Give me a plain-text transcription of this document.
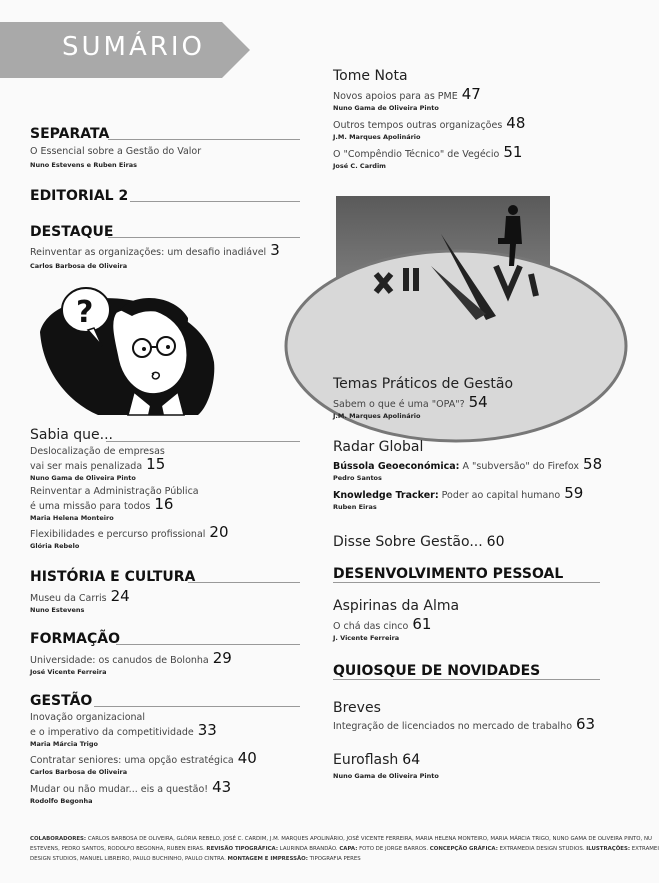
SUMÁRIO
SEPARATA
O Essencial sobre a Gestão do Valor
Nuno Estevens e Ruben Eiras
EDITORIAL 2
DESTAQUE
Reinventar as organizações: um desafio inadiável 3
Carlos Barbosa de Oliveira
?
Sabia que...
Deslocalização de empresas
vai ser mais penalizada 15
Nuno Gama de Oliveira Pinto
Reinventar a Administração Pública
é uma missão para todos 16
Maria Helena Monteiro
Flexibilidades e percurso profissional 20
Glória Rebelo
HISTÓRIA E CULTURA
Museu da Carris 24
Nuno Estevens
FORMAÇÃO
Universidade: os canudos de Bolonha 29
José Vicente Ferreira
GESTÃO
Inovação organizacional
e o imperativo da competitividade 33
Maria Márcia Trigo
Contratar seniores: uma opção estratégica 40
Carlos Barbosa de Oliveira
Mudar ou não mudar... eis a questão! 43
Rodolfo Begonha
Tome Nota
Novos apoios para as PME 47
Nuno Gama de Oliveira Pinto
Outros tempos outras organizações 48
J.M. Marques Apolinário
O "Compêndio Técnico" de Vegécio 51
José C. Cardim
Temas Práticos de Gestão
Sabem o que é uma "OPA"? 54
J.M. Marques Apolinário
Radar Global
Bússola Geoeconómica: A "subversão" do Firefox 58
Pedro Santos
Knowledge Tracker: Poder ao capital humano 59
Ruben Eiras
Disse Sobre Gestão... 60
DESENVOLVIMENTO PESSOAL
Aspirinas da Alma
O chá das cinco 61
J. Vicente Ferreira
QUIOSQUE DE NOVIDADES
Breves
Integração de licenciados no mercado de trabalho 63
Euroflash 64
Nuno Gama de Oliveira Pinto
COLABORADORES: CARLOS BARBOSA DE OLIVEIRA, GLÓRIA REBELO, JOSÉ C. CARDIM, J.M. MARQUES APOLINÁRIO, JOSÉ VICENTE FERREIRA, MARIA HELENA MONTEIRO, MARIA MÁRCIA TRIGO, NUNO GAMA DE OLIVEIRA PINTO, NU
ESTEVENS, PEDRO SANTOS, RODOLFO BEGONHA, RUBEN EIRAS. REVISÃO TIPOGRÁFICA: LAURINDA BRANDÃO. CAPA: FOTO DE JORGE BARROS. CONCEPÇÃO GRÁFICA: EXTRAMEDIA DESIGN STUDIOS. ILUSTRAÇÕES: EXTRAMEI
DESIGN STUDIOS, MANUEL LIBREIRO, PAULO BUCHINHO, PAULO CINTRA. MONTAGEM E IMPRESSÃO: TIPOGRAFIA PERES
